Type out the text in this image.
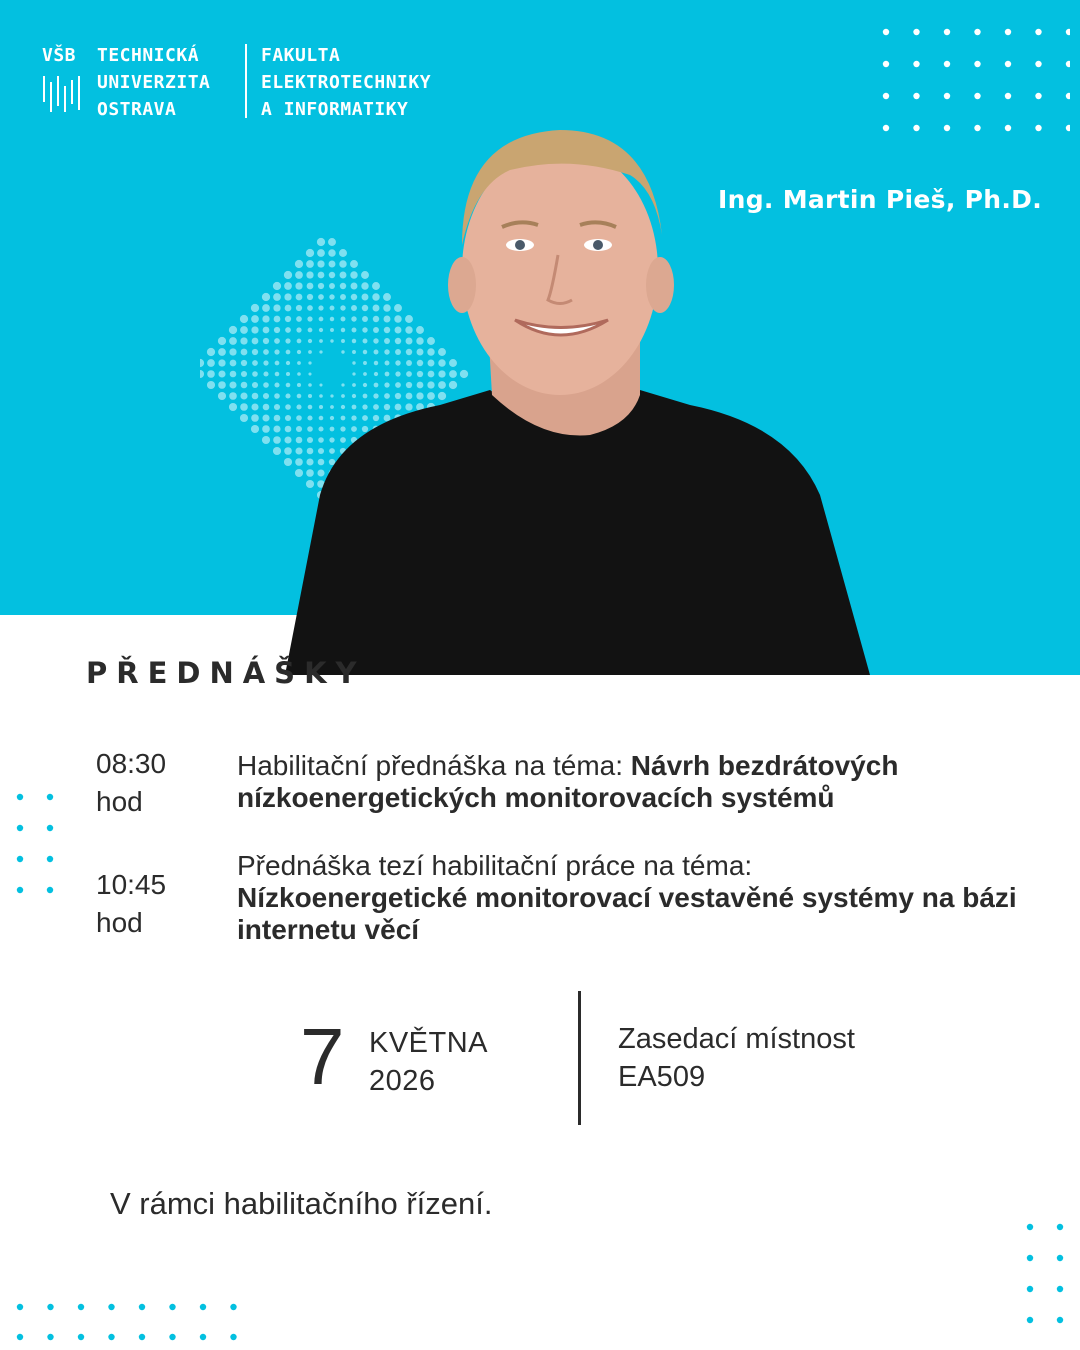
VŠB TECHNICKÁ
UNIVERZITA
OSTRAVA
FAKULTA
ELEKTROTECHNIKY
A INFORMATIKY
Ing. Martin Pieš, Ph.D.
PŘEDNÁŠKY
08:30
hod
Habilitační přednáška na téma: Návrh bezdrátových nízkoenergetických monitorovacích systémů
10:45
hod
Přednáška tezí habilitační práce na téma:
Nízkoenergetické monitorovací vestavěné systémy na bázi internetu věcí
7 KVĚTNA
2026
Zasedací místnost
EA509
V rámci habilitačního řízení.
